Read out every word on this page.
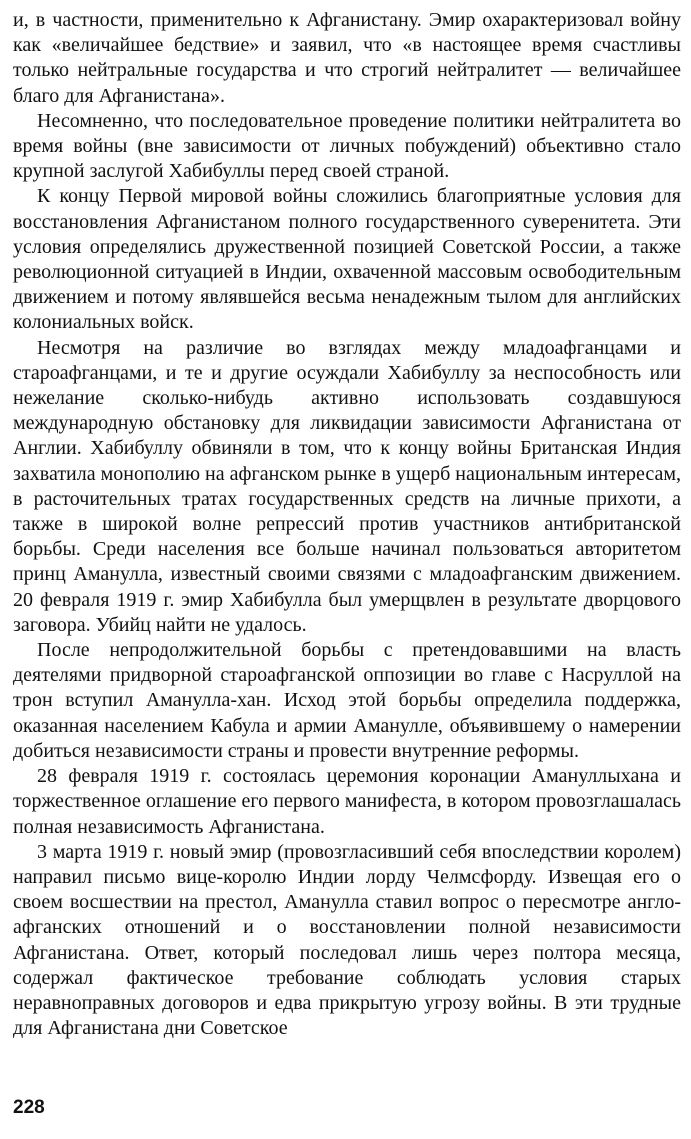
и, в частности, применительно к Афганистану. Эмир охарактеризовал войну как «величайшее бедствие» и заявил, что «в настоящее время счастливы только нейтральные государства и что строгий нейтралитет — величайшее благо для Афганистана».

Несомненно, что последовательное проведение политики нейтралитета во время войны (вне зависимости от личных побуждений) объективно стало крупной заслугой Хабибуллы перед своей страной.

К концу Первой мировой войны сложились благоприятные условия для восстановления Афганистаном полного государственного суверенитета. Эти условия определялись дружественной позицией Советской России, а также революционной ситуацией в Индии, охваченной массовым освободительным движением и потому являвшейся весьма ненадежным тылом для английских колониальных войск.

Несмотря на различие во взглядах между младоафганцами и староафганцами, и те и другие осуждали Хабибуллу за неспособность или нежелание сколько-нибудь активно использовать создавшуюся международную обстановку для ликвидации зависимости Афганистана от Англии. Хабибуллу обвиняли в том, что к концу войны Британская Индия захватила монополию на афганском рынке в ущерб национальным интересам, в расточительных тратах государственных средств на личные прихоти, а также в широкой волне репрессий против участников антибританской борьбы. Среди населения все больше начинал пользоваться авторитетом принц Аманулла, известный своими связями с младоафганским движением. 20 февраля 1919 г. эмир Хабибулла был умерщвлен в результате дворцового заговора. Убийц найти не удалось.

После непродолжительной борьбы с претендовавшими на власть деятелями придворной староафганской оппозиции во главе с Насруллой на трон вступил Аманулла-хан. Исход этой борьбы определила поддержка, оказанная населением Кабула и армии Аманулле, объявившему о намерении добиться независимости страны и провести внутренние реформы.

28 февраля 1919 г. состоялась церемония коронации Амануллыхана и торжественное оглашение его первого манифеста, в котором провозглашалась полная независимость Афганистана.

3 марта 1919 г. новый эмир (провозгласивший себя впоследствии королем) направил письмо вице-королю Индии лорду Челмсфорду. Извещая его о своем восшествии на престол, Аманулла ставил вопрос о пересмотре англо-афганских отношений и о восстановлении полной независимости Афганистана. Ответ, который последовал лишь через полтора месяца, содержал фактическое требование соблюдать условия старых неравноправных договоров и едва прикрытую угрозу войны. В эти трудные для Афганистана дни Советское

228
